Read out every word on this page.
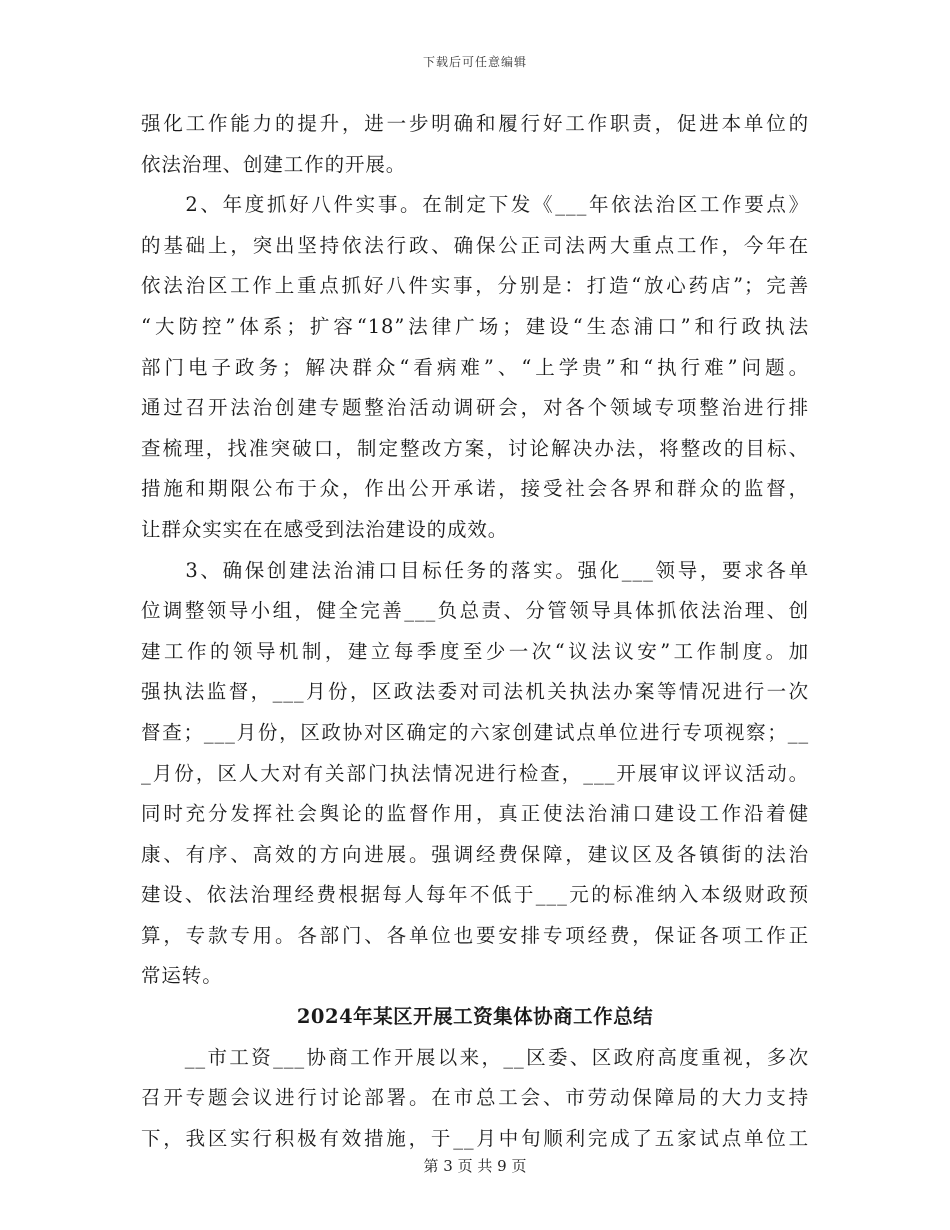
下载后可任意编辑
强化工作能力的提升，进一步明确和履行好工作职责，促进本单位的
依法治理、创建工作的开展。
　　2、年度抓好八件实事。在制定下发《___年依法治区工作要点》
的基础上，突出坚持依法行政、确保公正司法两大重点工作，今年在
依法治区工作上重点抓好八件实事，分别是：打造“放心药店”；完善
“大防控”体系；扩容“18”法律广场；建设“生态浦口”和行政执法
部门电子政务；解决群众“看病难”、“上学贵”和“执行难”问题。
通过召开法治创建专题整治活动调研会，对各个领域专项整治进行排
查梳理，找准突破口，制定整改方案，讨论解决办法，将整改的目标、
措施和期限公布于众，作出公开承诺，接受社会各界和群众的监督，
让群众实实在在感受到法治建设的成效。
　　3、确保创建法治浦口目标任务的落实。强化___领导，要求各单
位调整领导小组，健全完善___负总责、分管领导具体抓依法治理、创
建工作的领导机制，建立每季度至少一次“议法议安”工作制度。加
强执法监督，___月份，区政法委对司法机关执法办案等情况进行一次
督查；___月份，区政协对区确定的六家创建试点单位进行专项视察；__
_月份，区人大对有关部门执法情况进行检查，___开展审议评议活动。
同时充分发挥社会舆论的监督作用，真正使法治浦口建设工作沿着健
康、有序、高效的方向进展。强调经费保障，建议区及各镇街的法治
建设、依法治理经费根据每人每年不低于___元的标准纳入本级财政预
算，专款专用。各部门、各单位也要安排专项经费，保证各项工作正
常运转。
2024年某区开展工资集体协商工作总结
　　__市工资___协商工作开展以来，__区委、区政府高度重视，多次
召开专题会议进行讨论部署。在市总工会、市劳动保障局的大力支持
下，我区实行积极有效措施，于__月中旬顺利完成了五家试点单位工
第 3 页 共 9 页
